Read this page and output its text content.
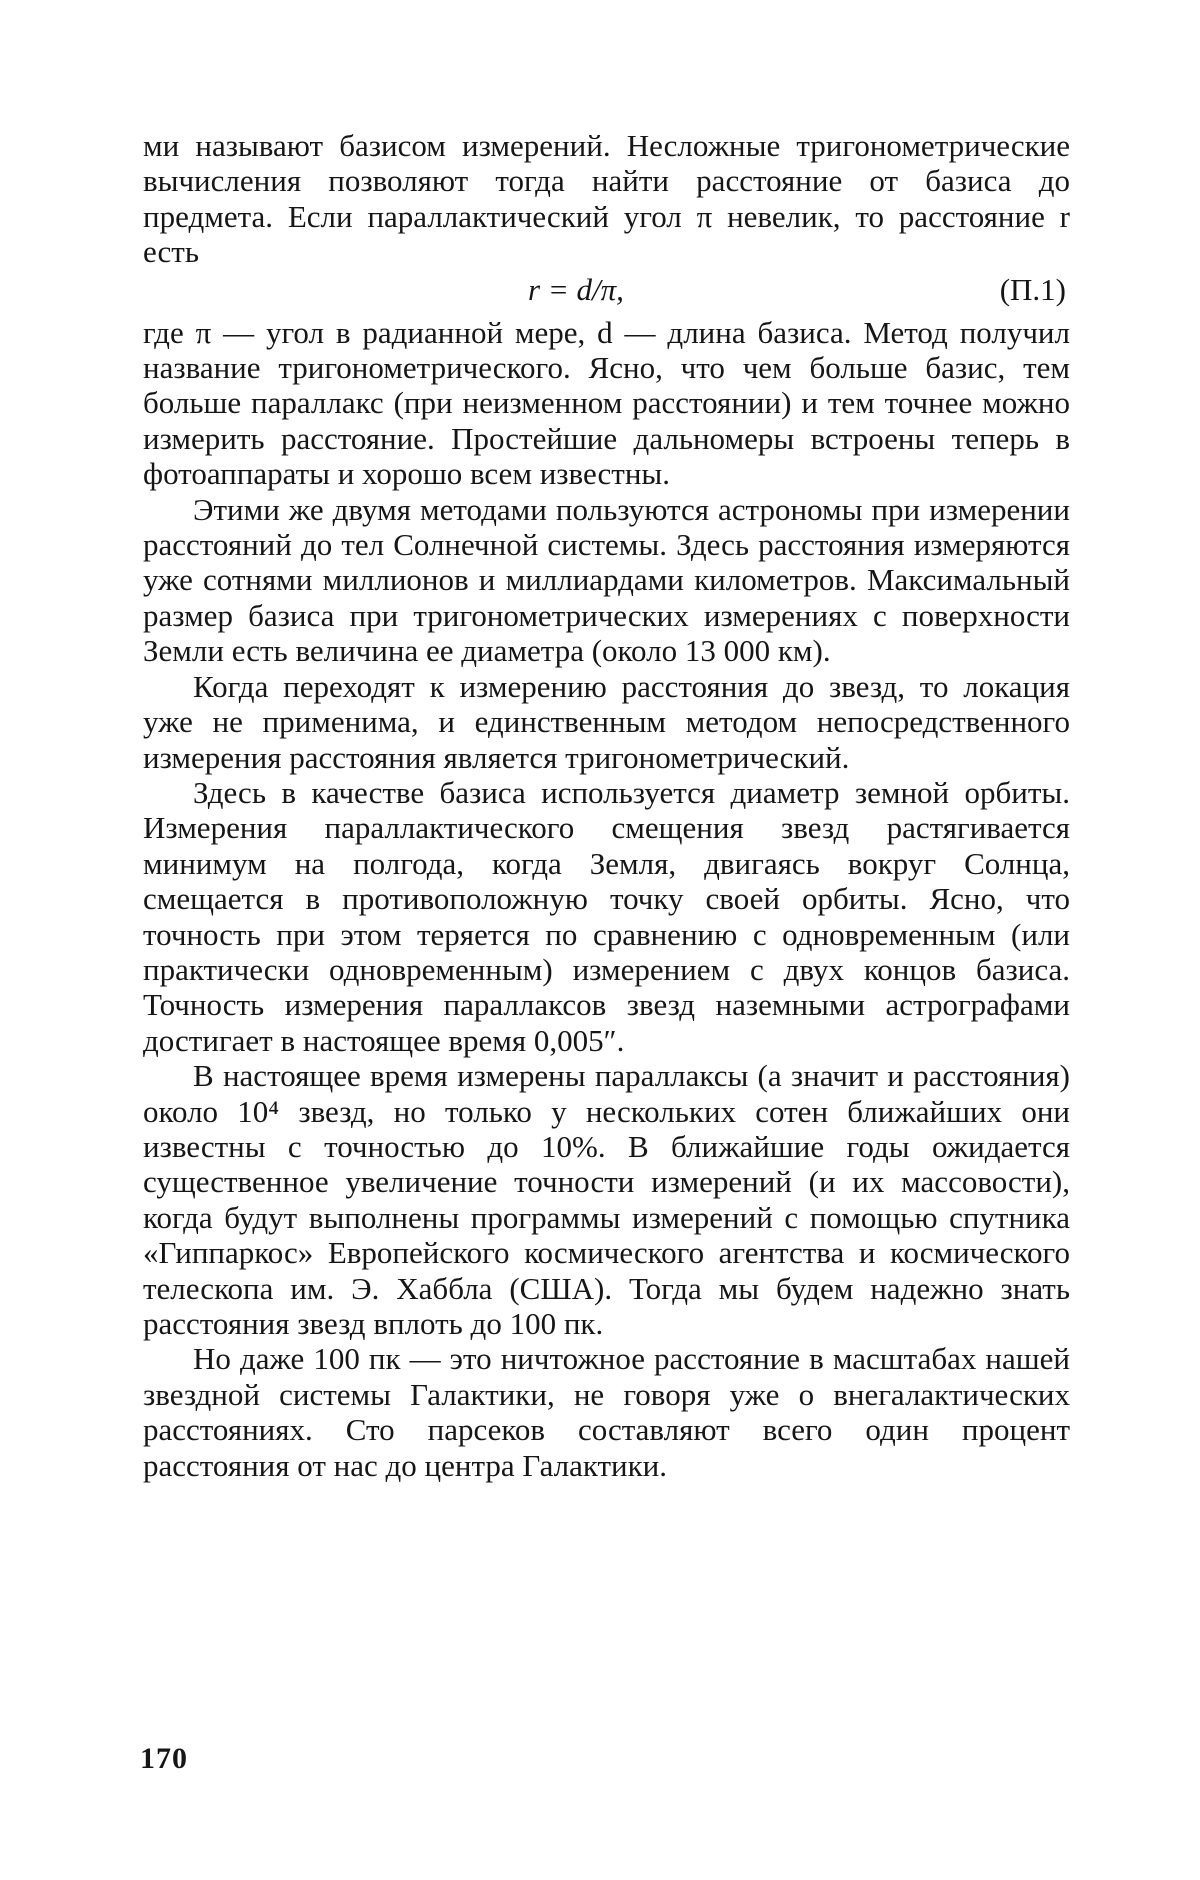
ми называют базисом измерений. Несложные тригонометрические вычисления позволяют тогда найти расстояние от базиса до предмета. Если параллактический угол π невелик, то расстояние r есть

r = d/π,	(П.1)

где π — угол в радианной мере, d — длина базиса. Метод получил название тригонометрического. Ясно, что чем больше базис, тем больше параллакс (при неизменном расстоянии) и тем точнее можно измерить расстояние. Простейшие дальномеры встроены теперь в фотоаппараты и хорошо всем известны.

Этими же двумя методами пользуются астрономы при измерении расстояний до тел Солнечной системы. Здесь расстояния измеряются уже сотнями миллионов и миллиардами километров. Максимальный размер базиса при тригонометрических измерениях с поверхности Земли есть величина ее диаметра (около 13 000 км).

Когда переходят к измерению расстояния до звезд, то локация уже не применима, и единственным методом непосредственного измерения расстояния является тригонометрический.

Здесь в качестве базиса используется диаметр земной орбиты. Измерения параллактического смещения звезд растягивается минимум на полгода, когда Земля, двигаясь вокруг Солнца, смещается в противоположную точку своей орбиты. Ясно, что точность при этом теряется по сравнению с одновременным (или практически одновременным) измерением с двух концов базиса. Точность измерения параллаксов звезд наземными астрографами достигает в настоящее время 0,005″.

В настоящее время измерены параллаксы (а значит и расстояния) около 10⁴ звезд, но только у нескольких сотен ближайших они известны с точностью до 10%. В ближайшие годы ожидается существенное увеличение точности измерений (и их массовости), когда будут выполнены программы измерений с помощью спутника «Гиппаркос» Европейского космического агентства и космического телескопа им. Э. Хаббла (США). Тогда мы будем надежно знать расстояния звезд вплоть до 100 пк.

Но даже 100 пк — это ничтожное расстояние в масштабах нашей звездной системы Галактики, не говоря уже о внегалактических расстояниях. Сто парсеков составляют всего один процент расстояния от нас до центра Галактики.

170
